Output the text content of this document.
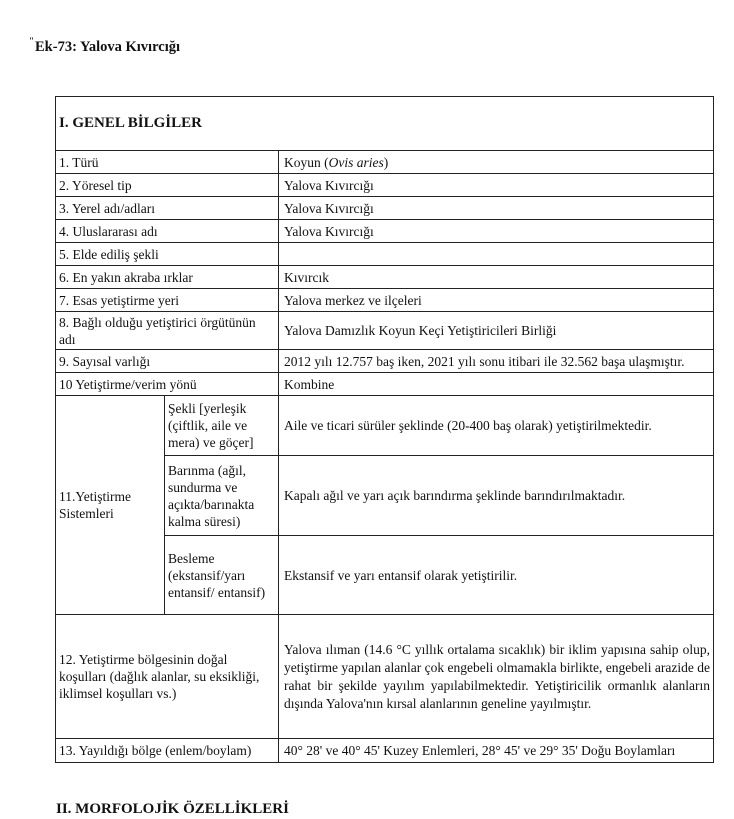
"Ek-73: Yalova Kıvırcığı
I. GENEL BİLGİLER		
1. Türü		Koyun (Ovis aries)
2. Yöresel tip		Yalova Kıvırcığı
3. Yerel adı/adları		Yalova Kıvırcığı
4. Uluslararası adı		Yalova Kıvırcığı
5. Elde ediliş şekli		
6. En yakın akraba ırklar		Kıvırcık
7. Esas yetiştirme yeri		Yalova merkez ve ilçeleri
8. Bağlı olduğu yetiştirici örgütünün adı		Yalova Damızlık Koyun Keçi Yetiştiricileri Birliği
9. Sayısal varlığı		2012 yılı 12.757 baş iken, 2021 yılı sonu itibari ile 32.562 başa ulaşmıştır.
10 Yetiştirme/verim yönü		Kombine
11.Yetiştirme Sistemleri	Şekli [yerleşik (çiftlik, aile ve mera) ve göçer]	Aile ve ticari sürüler şeklinde (20-400 baş olarak) yetiştirilmektedir.
	Barınma (ağıl, sundurma ve açıkta/barınakta kalma süresi)	Kapalı ağıl ve yarı açık barındırma şeklinde barındırılmaktadır.
	Besleme (ekstansif/yarı entansif/ entansif)	Ekstansif ve yarı entansif olarak yetiştirilir.
12. Yetiştirme bölgesinin doğal koşulları (dağlık alanlar, su eksikliği, iklimsel koşulları vs.)		Yalova ılıman (14.6 °C yıllık ortalama sıcaklık) bir iklim yapısına sahip olup, yetiştirme yapılan alanlar çok engebeli olmamakla birlikte, engebeli arazide de rahat bir şekilde yayılım yapılabilmektedir. Yetiştiricilik ormanlık alanların dışında Yalova'nın kırsal alanlarının geneline yayılmıştır.
13. Yayıldığı bölge (enlem/boylam)		40° 28' ve 40° 45' Kuzey Enlemleri, 28° 45' ve 29° 35' Doğu Boylamları
II. MORFOLOJİK ÖZELLİKLERİ
